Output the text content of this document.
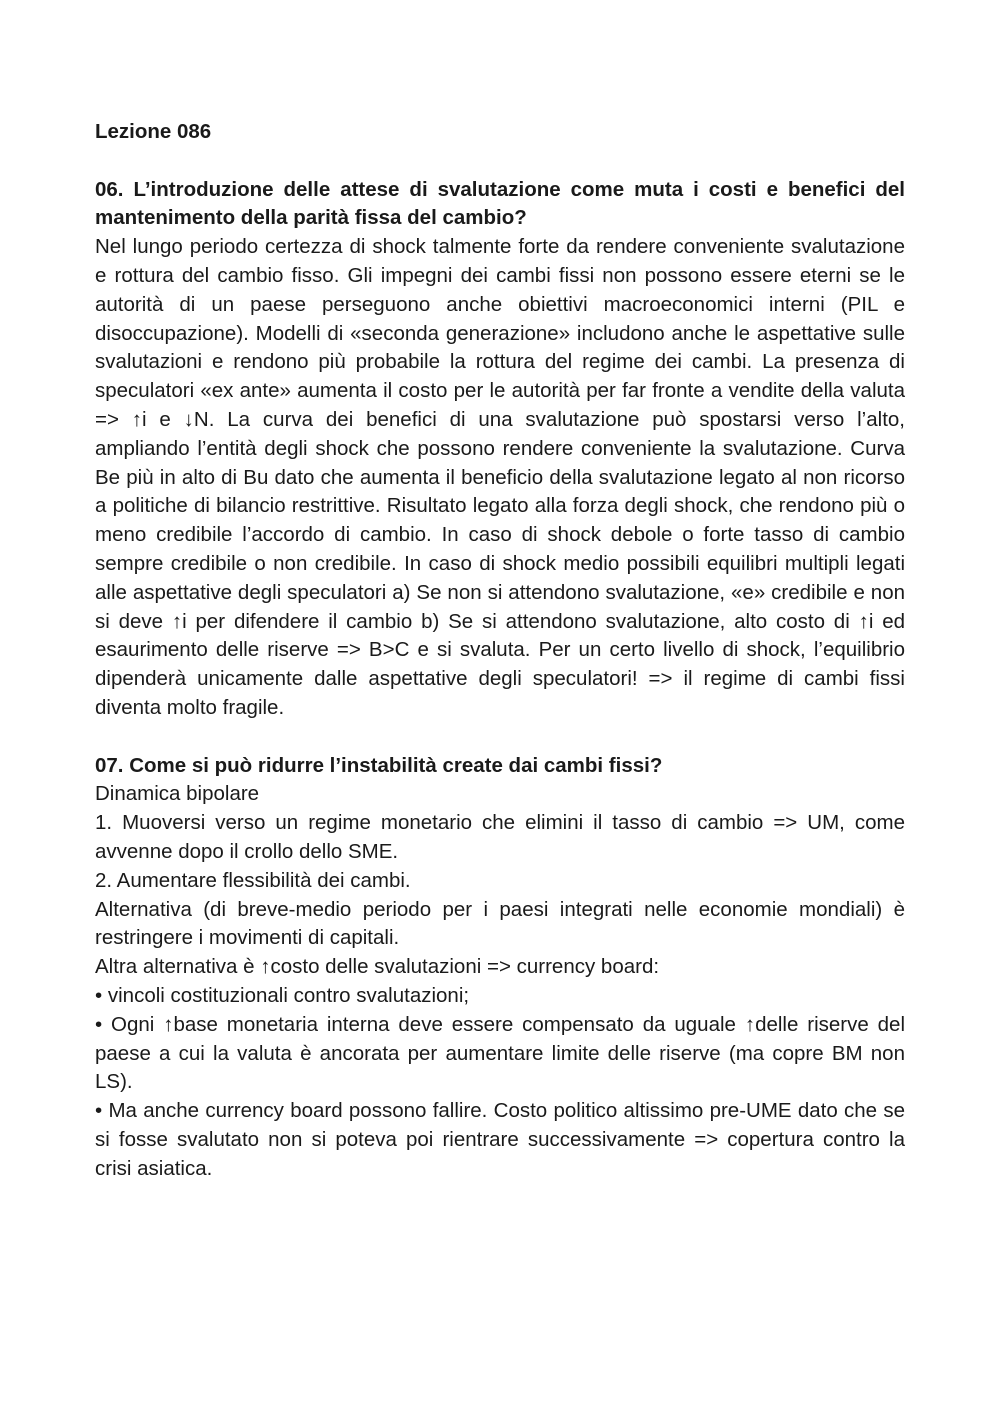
Lezione 086

06. L’introduzione delle attese di svalutazione come muta i costi e benefici del mantenimento della parità fissa del cambio?

Nel lungo periodo certezza di shock talmente forte da rendere conveniente svalutazione e rottura del cambio fisso. Gli impegni dei cambi fissi non possono essere eterni se le autorità di un paese perseguono anche obiettivi macroeconomici interni (PIL e disoccupazione). Modelli di «seconda generazione» includono anche le aspettative sulle svalutazioni e rendono più probabile la rottura del regime dei cambi. La presenza di speculatori «ex ante» aumenta il costo per le autorità per far fronte a vendite della valuta => ↑i e ↓N. La curva dei benefici di una svalutazione può spostarsi verso l’alto, ampliando l’entità degli shock che possono rendere conveniente la svalutazione. Curva Be più in alto di Bu dato che aumenta il beneficio della svalutazione legato al non ricorso a politiche di bilancio restrittive. Risultato legato alla forza degli shock, che rendono più o meno credibile l’accordo di cambio. In caso di shock debole o forte tasso di cambio sempre credibile o non credibile. In caso di shock medio possibili equilibri multipli legati alle aspettative degli speculatori a) Se non si attendono svalutazione, «e» credibile e non si deve ↑i per difendere il cambio b) Se si attendono svalutazione, alto costo di ↑i ed esaurimento delle riserve => B>C e si svaluta. Per un certo livello di shock, l’equilibrio dipenderà unicamente dalle aspettative degli speculatori! => il regime di cambi fissi diventa molto fragile.

07. Come si può ridurre l’instabilità create dai cambi fissi?

Dinamica bipolare

1. Muoversi verso un regime monetario che elimini il tasso di cambio => UM, come avvenne dopo il crollo dello SME.

2. Aumentare flessibilità dei cambi.

Alternativa (di breve-medio periodo per i paesi integrati nelle economie mondiali) è restringere i movimenti di capitali.

Altra alternativa è ↑costo delle svalutazioni => currency board:

• vincoli costituzionali contro svalutazioni;

• Ogni ↑base monetaria interna deve essere compensato da uguale ↑delle riserve del paese a cui la valuta è ancorata per aumentare limite delle riserve (ma copre BM non LS).

• Ma anche currency board possono fallire. Costo politico altissimo pre-UME dato che se si fosse svalutato non si poteva poi rientrare successivamente => copertura contro la crisi asiatica.
